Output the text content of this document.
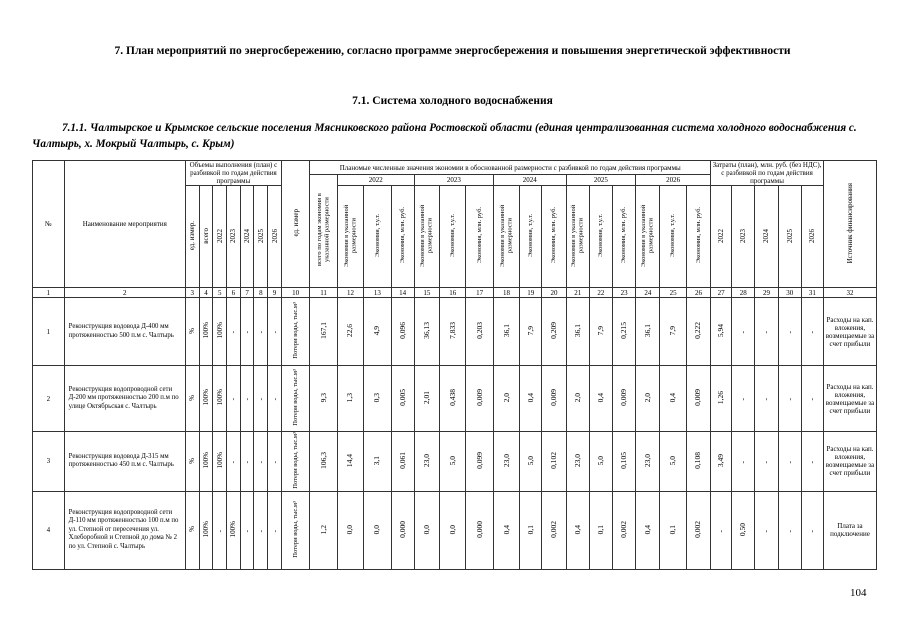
7. План мероприятий по энергосбережению, согласно программе энергосбережения и повышения энергетической эффективности
7.1. Система холодного водоснабжения
7.1.1. Чалтырское и Крымское сельские поселения Мясниковского района Ростовской области (единая централизованная система холодного водоснабжения с. Чалтырь, х. Мокрый Чалтырь, с. Крым)
№	Наименование мероприятия	Объемы выполнения (план) с разбивкой по годам действия программы							ед. измер	Планомые численные значения экономии в обоснованной размерности с разбивкой по годам действия программы																Затраты (план), млн. руб. (без НДС), с разбивкой по годам действия программы					Источник финансирования
										всего по годам экономия в указанной размерности	2022			2023			2024			2025			2026								
		ед. измер.	всего	2022	2023	2024	2025	2026			Экономия в указанной размерности	Экономия, т.у.т.	Экономия, млн. руб.	Экономия в указанной размерности	Экономия, т.у.т.	Экономия, млн. руб.	Экономия в указанной размерности	Экономия, т.у.т.	Экономия, млн. руб.	Экономия в указанной размерности	Экономия, т.у.т.	Экономия, млн. руб.	Экономия в указанной размерности	Экономия, т.у.т.	Экономия, млн. руб.	2022	2023	2024	2025	2026	

1	2	3	4	5	6	7	8	9	10	11	12	13	14	15	16	17	18	19	20	21	22	23	24	25	26	27	28	29	30	31	32
1	Реконструкция водовода Д-400 мм протяженностью 500 п.м с. Чалтырь	%	100%	100%	-	-	-	-	Потери воды, тыс.м³	167,1	22,6	4,9	0,096	36,13	7,833	0,203	36,1	7,9	0,209	36,1	7,9	0,215	36,1	7,9	0,222	5,94	-	-	-	-	Расходы на кап. вложения, возмещаемые за счет прибыли
2	Реконструкция водопроводной сети Д-200 мм протяженностью 200 п.м по улице Октябрьская с. Чалтырь	%	100%	100%	-	-	-	-	Потери воды, тыс.м³	9,3	1,3	0,3	0,005	2,01	0,438	0,009	2,0	0,4	0,009	2,0	0,4	0,009	2,0	0,4	0,009	1,26	-	-	-	-	Расходы на кап. вложения, возмещаемые за счет прибыли
3	Реконструкция водовода Д-315 мм протяженностью 450 п.м с. Чалтырь	%	100%	100%	-	-	-	-	Потери воды, тыс.м³	106,3	14,4	3,1	0,061	23,0	5,0	0,099	23,0	5,0	0,102	23,0	5,0	0,105	23,0	5,0	0,108	3,49	-	-	-	-	Расходы на кап. вложения, возмещаемые за счет прибыли
4	Реконструкция водопроводной сети Д-110 мм протяженностью 100 п.м по ул. Степной от пересечения ул. Хлеборобной и Степной до дома № 2 по ул. Степной с. Чалтырь	%	100%	-	100%	-	-	-	Потери воды, тыс.м³	1,2	0,0	0,0	0,000	0,0	0,0	0,000	0,4	0,1	0,002	0,4	0,1	0,002	0,4	0,1	0,002	-	0,50	-	-	-	Плата за подключение
104
